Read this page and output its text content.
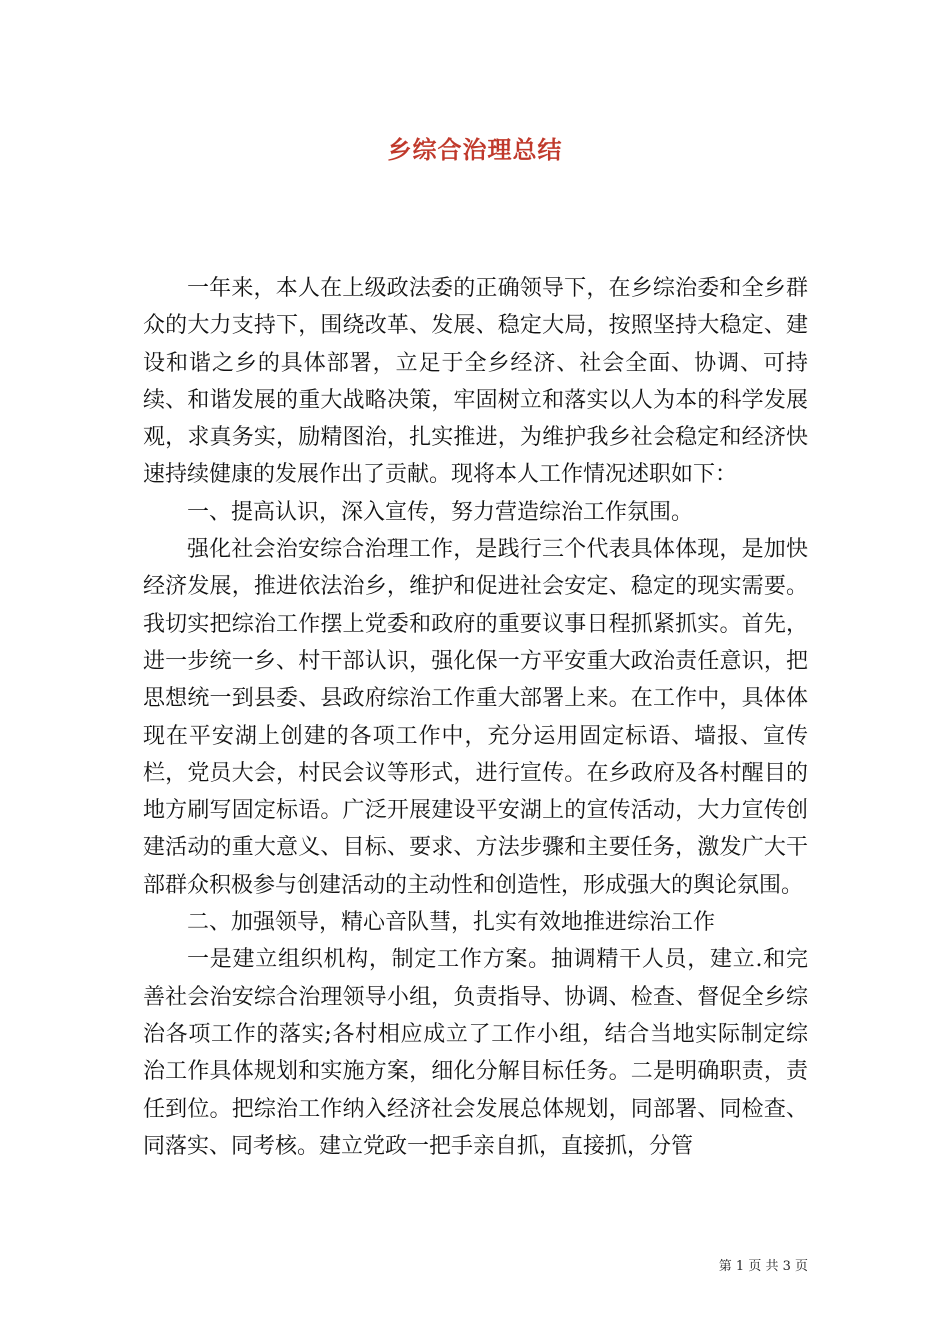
乡综合治理总结

一年来，本人在上级政法委的正确领导下，在乡综治委和全乡群众的大力支持下，围绕改革、发展、稳定大局，按照坚持大稳定、建设和谐之乡的具体部署，立足于全乡经济、社会全面、协调、可持续、和谐发展的重大战略决策，牢固树立和落实以人为本的科学发展观，求真务实，励精图治，扎实推进，为维护我乡社会稳定和经济快速持续健康的发展作出了贡献。现将本人工作情况述职如下：

一、提高认识，深入宣传，努力营造综治工作氛围。

强化社会治安综合治理工作，是践行三个代表具体体现，是加快经济发展，推进依法治乡，维护和促进社会安定、稳定的现实需要。我切实把综治工作摆上党委和政府的重要议事日程抓紧抓实。首先，进一步统一乡、村干部认识，强化保一方平安重大政治责任意识，把思想统一到县委、县政府综治工作重大部署上来。在工作中，具体体现在平安湖上创建的各项工作中，充分运用固定标语、墙报、宣传栏，党员大会，村民会议等形式，进行宣传。在乡政府及各村醒目的地方刷写固定标语。广泛开展建设平安湖上的宣传活动，大力宣传创建活动的重大意义、目标、要求、方法步骤和主要任务，激发广大干部群众积极参与创建活动的主动性和创造性，形成强大的舆论氛围。

二、加强领导，精心音队彗，扎实有效地推进综治工作

一是建立组织机构，制定工作方案。抽调精干人员，建立.和完善社会治安综合治理领导小组，负责指导、协调、检查、督促全乡综治各项工作的落实;各村相应成立了工作小组，结合当地实际制定综治工作具体规划和实施方案，细化分解目标任务。二是明确职责，责任到位。把综治工作纳入经济社会发展总体规划，同部署、同检查、同落实、同考核。建立党政一把手亲自抓，直接抓，分管

第 1 页 共 3 页
